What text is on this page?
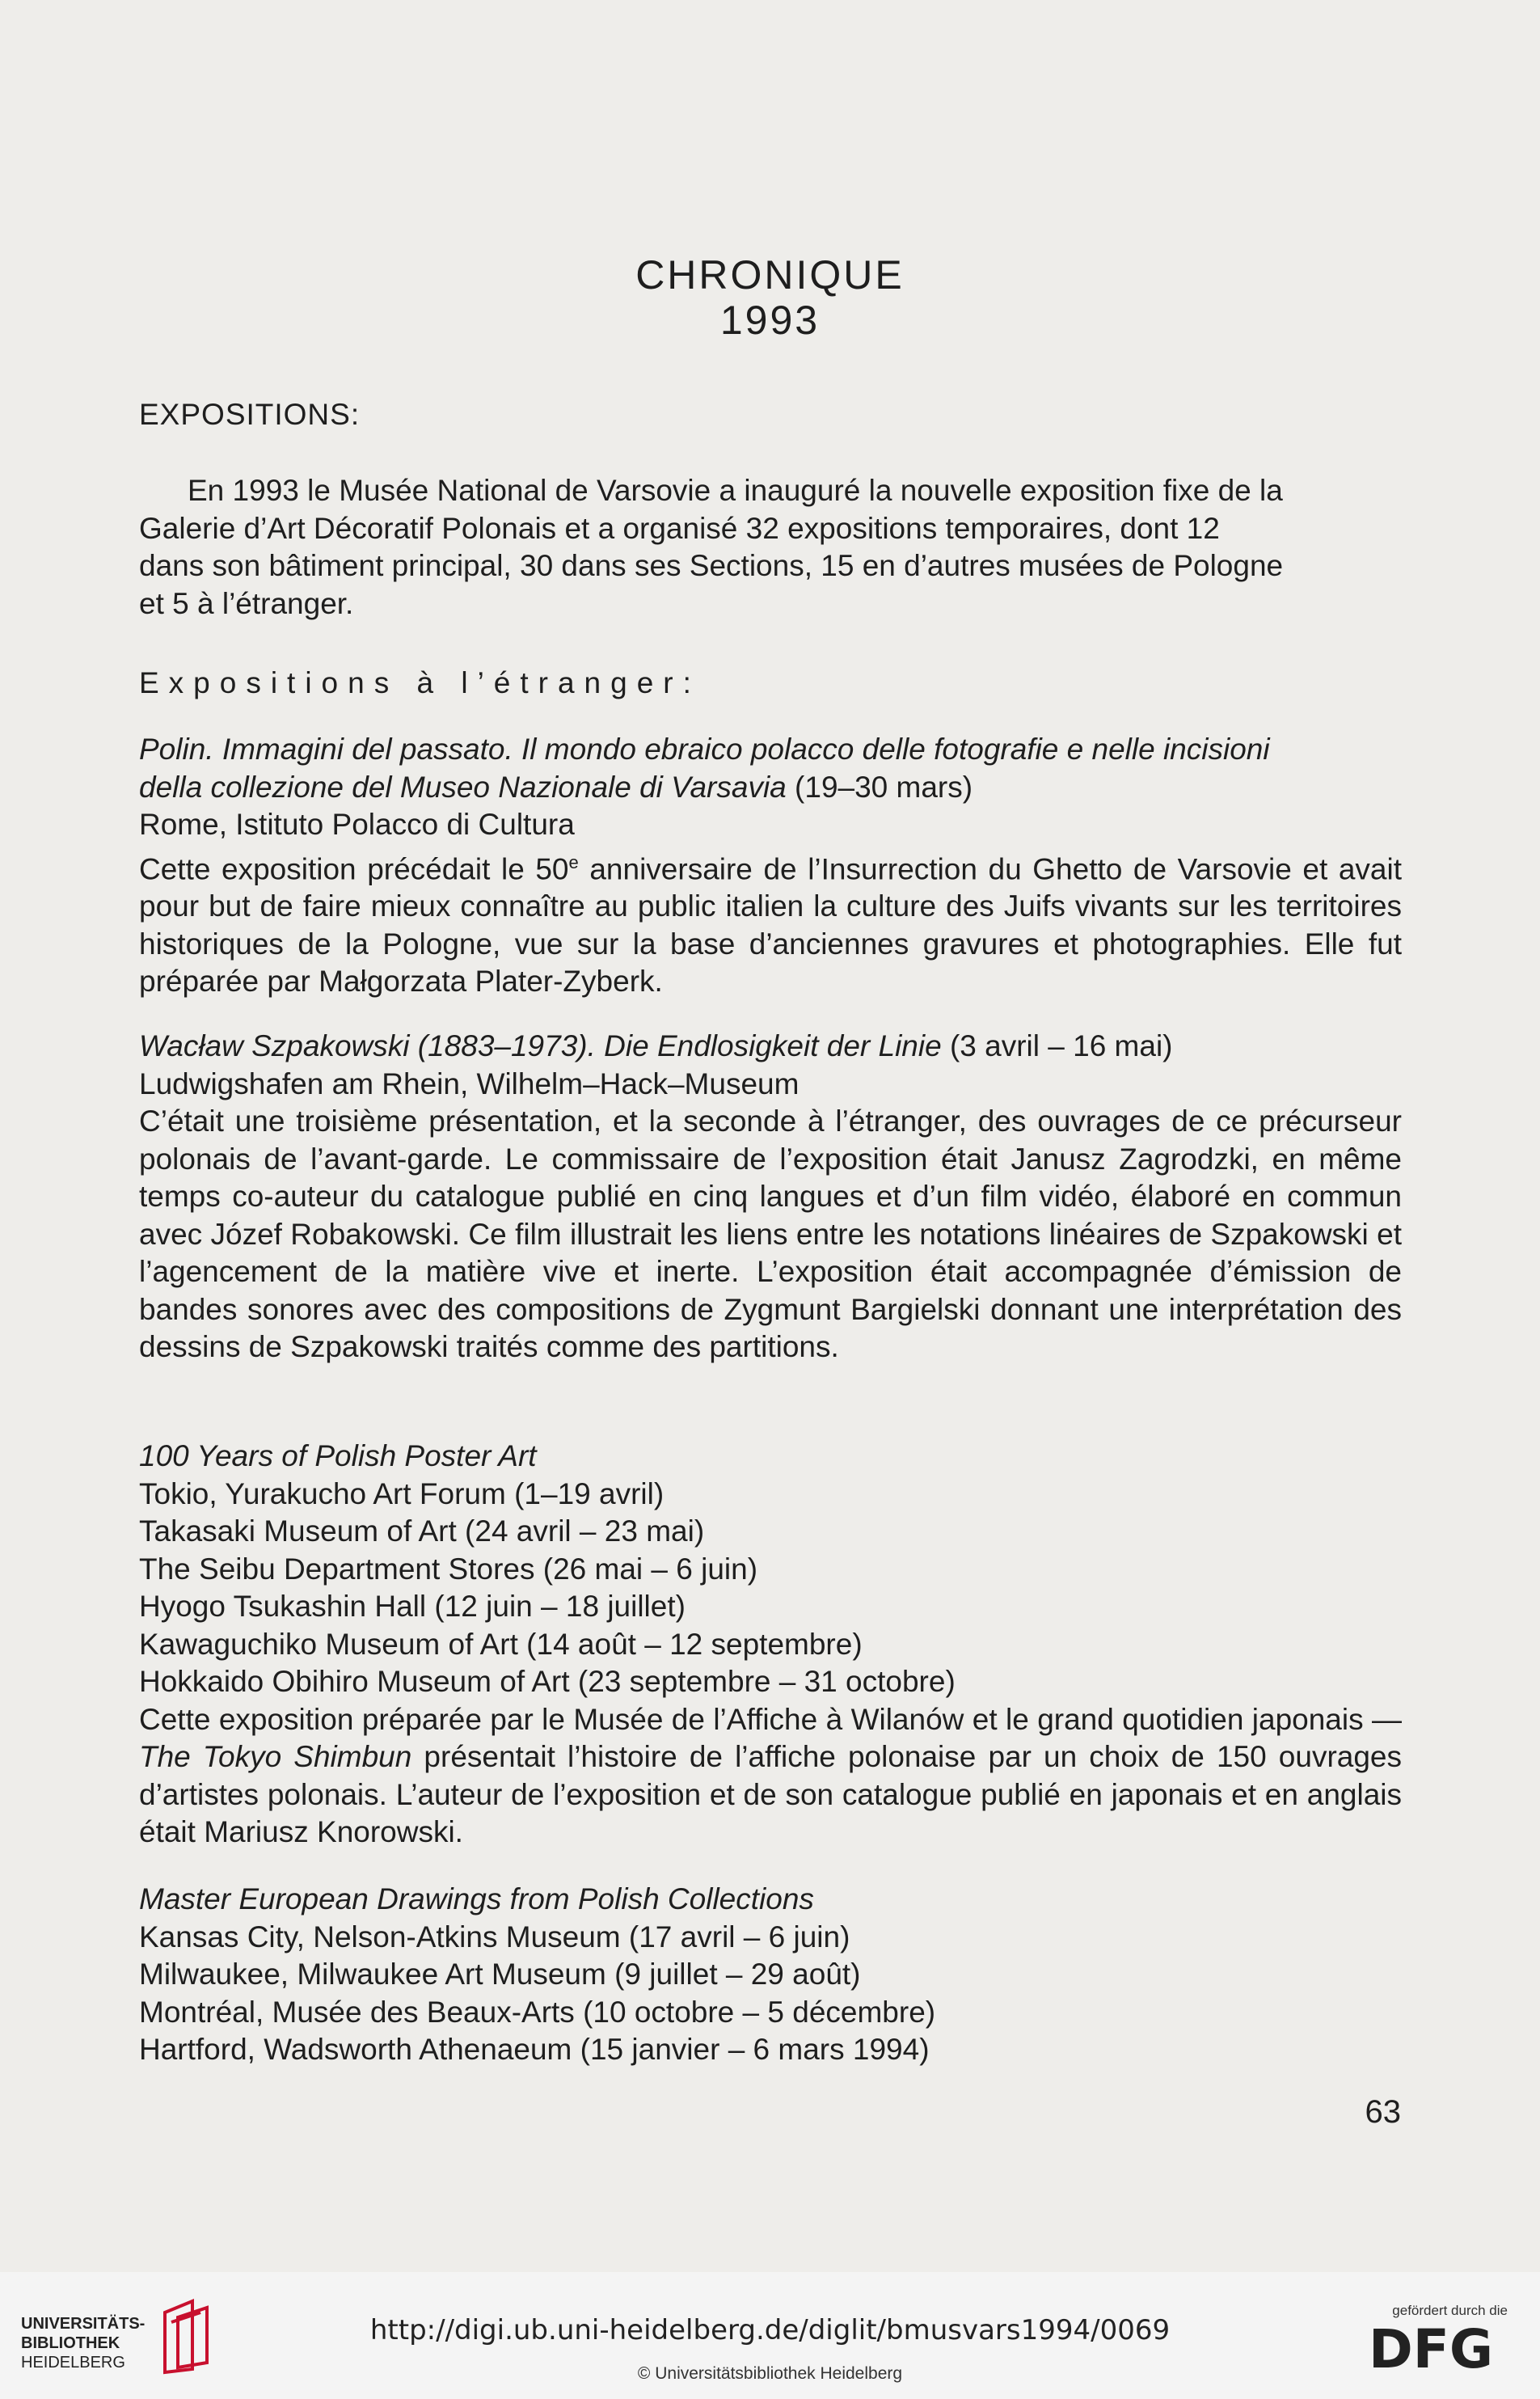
CHRONIQUE
1993
EXPOSITIONS:
En 1993 le Musée National de Varsovie a inauguré la nouvelle exposition fixe de la
Galerie d’Art Décoratif Polonais et a organisé 32 expositions temporaires, dont 12
dans son bâtiment principal, 30 dans ses Sections, 15 en d’autres musées de Pologne
et 5 à l’étranger.
Expositions à l’étranger:
Polin. Immagini del passato. Il mondo ebraico polacco delle fotografie e nelle incisioni
della collezione del Museo Nazionale di Varsavia (19–30 mars)
Rome, Istituto Polacco di Cultura

Cette exposition précédait le 50e anniversaire de l’Insurrection du Ghetto de Varsovie et avait pour but de faire mieux connaître au public italien la culture des Juifs vivants sur les territoires historiques de la Pologne, vue sur la base d’anciennes gravures et photographies. Elle fut préparée par Małgorzata Plater-Zyberk.

Wacław Szpakowski (1883–1973). Die Endlosigkeit der Linie (3 avril – 16 mai)
Ludwigshafen am Rhein, Wilhelm–Hack–Museum

C’était une troisième présentation, et la seconde à l’étranger, des ouvrages de ce précurseur polonais de l’avant-garde. Le commissaire de l’exposition était Janusz Zagrodzki, en même temps co-auteur du catalogue publié en cinq langues et d’un film vidéo, élaboré en commun avec Józef Robakowski. Ce film illustrait les liens entre les notations linéaires de Szpakowski et l’agencement de la matière vive et inerte. L’exposition était accompagnée d’émission de bandes sonores avec des compositions de Zygmunt Bargielski donnant une interprétation des dessins de Szpakowski traités comme des partitions.

100 Years of Polish Poster Art
Tokio, Yurakucho Art Forum (1–19 avril)
Takasaki Museum of Art (24 avril – 23 mai)
The Seibu Department Stores (26 mai – 6 juin)
Hyogo Tsukashin Hall (12 juin – 18 juillet)
Kawaguchiko Museum of Art (14 août – 12 septembre)
Hokkaido Obihiro Museum of Art (23 septembre – 31 octobre)

Cette exposition préparée par le Musée de l’Affiche à Wilanów et le grand quotidien japonais — The Tokyo Shimbun présentait l’histoire de l’affiche polonaise par un choix de 150 ouvrages d’artistes polonais. L’auteur de l’exposition et de son catalogue publié en japonais et en anglais était Mariusz Knorowski.

Master European Drawings from Polish Collections
Kansas City, Nelson-Atkins Museum (17 avril – 6 juin)
Milwaukee, Milwaukee Art Museum (9 juillet – 29 août)
Montréal, Musée des Beaux-Arts (10 octobre – 5 décembre)
Hartford, Wadsworth Athenaeum (15 janvier – 6 mars 1994)
63
UNIVERSITÄTS-
BIBLIOTHEK
HEIDELBERG
http://digi.ub.uni-heidelberg.de/diglit/bmusvars1994/0069
© Universitätsbibliothek Heidelberg
gefördert durch die
DFG
